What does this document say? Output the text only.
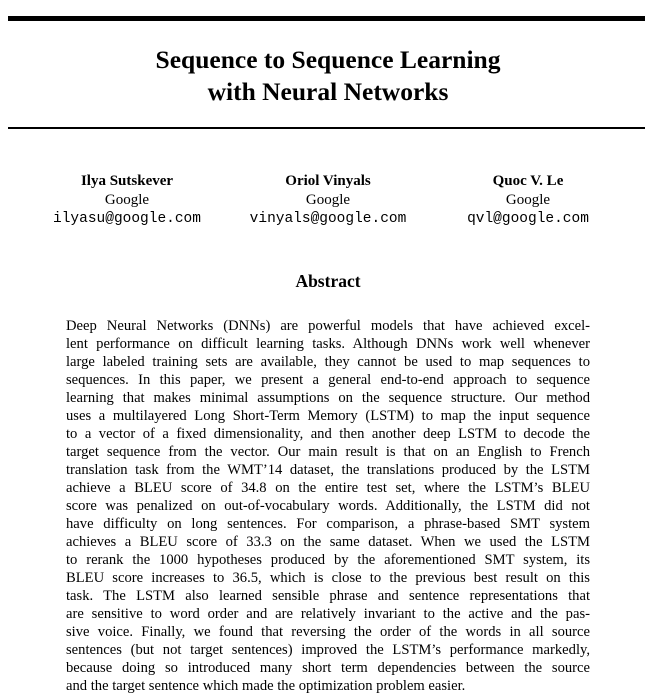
Sequence to Sequence Learning
with Neural Networks
Ilya Sutskever
Google
ilyasu@google.com
Oriol Vinyals
Google
vinyals@google.com
Quoc V. Le
Google
qvl@google.com
Abstract
Deep Neural Networks (DNNs) are powerful models that have achieved excel-
lent performance on difficult learning tasks. Although DNNs work well whenever
large labeled training sets are available, they cannot be used to map sequences to
sequences. In this paper, we present a general end-to-end approach to sequence
learning that makes minimal assumptions on the sequence structure. Our method
uses a multilayered Long Short-Term Memory (LSTM) to map the input sequence
to a vector of a fixed dimensionality, and then another deep LSTM to decode the
target sequence from the vector. Our main result is that on an English to French
translation task from the WMT’14 dataset, the translations produced by the LSTM
achieve a BLEU score of 34.8 on the entire test set, where the LSTM’s BLEU
score was penalized on out-of-vocabulary words. Additionally, the LSTM did not
have difficulty on long sentences. For comparison, a phrase-based SMT system
achieves a BLEU score of 33.3 on the same dataset. When we used the LSTM
to rerank the 1000 hypotheses produced by the aforementioned SMT system, its
BLEU score increases to 36.5, which is close to the previous best result on this
task. The LSTM also learned sensible phrase and sentence representations that
are sensitive to word order and are relatively invariant to the active and the pas-
sive voice. Finally, we found that reversing the order of the words in all source
sentences (but not target sentences) improved the LSTM’s performance markedly,
because doing so introduced many short term dependencies between the source
and the target sentence which made the optimization problem easier.
